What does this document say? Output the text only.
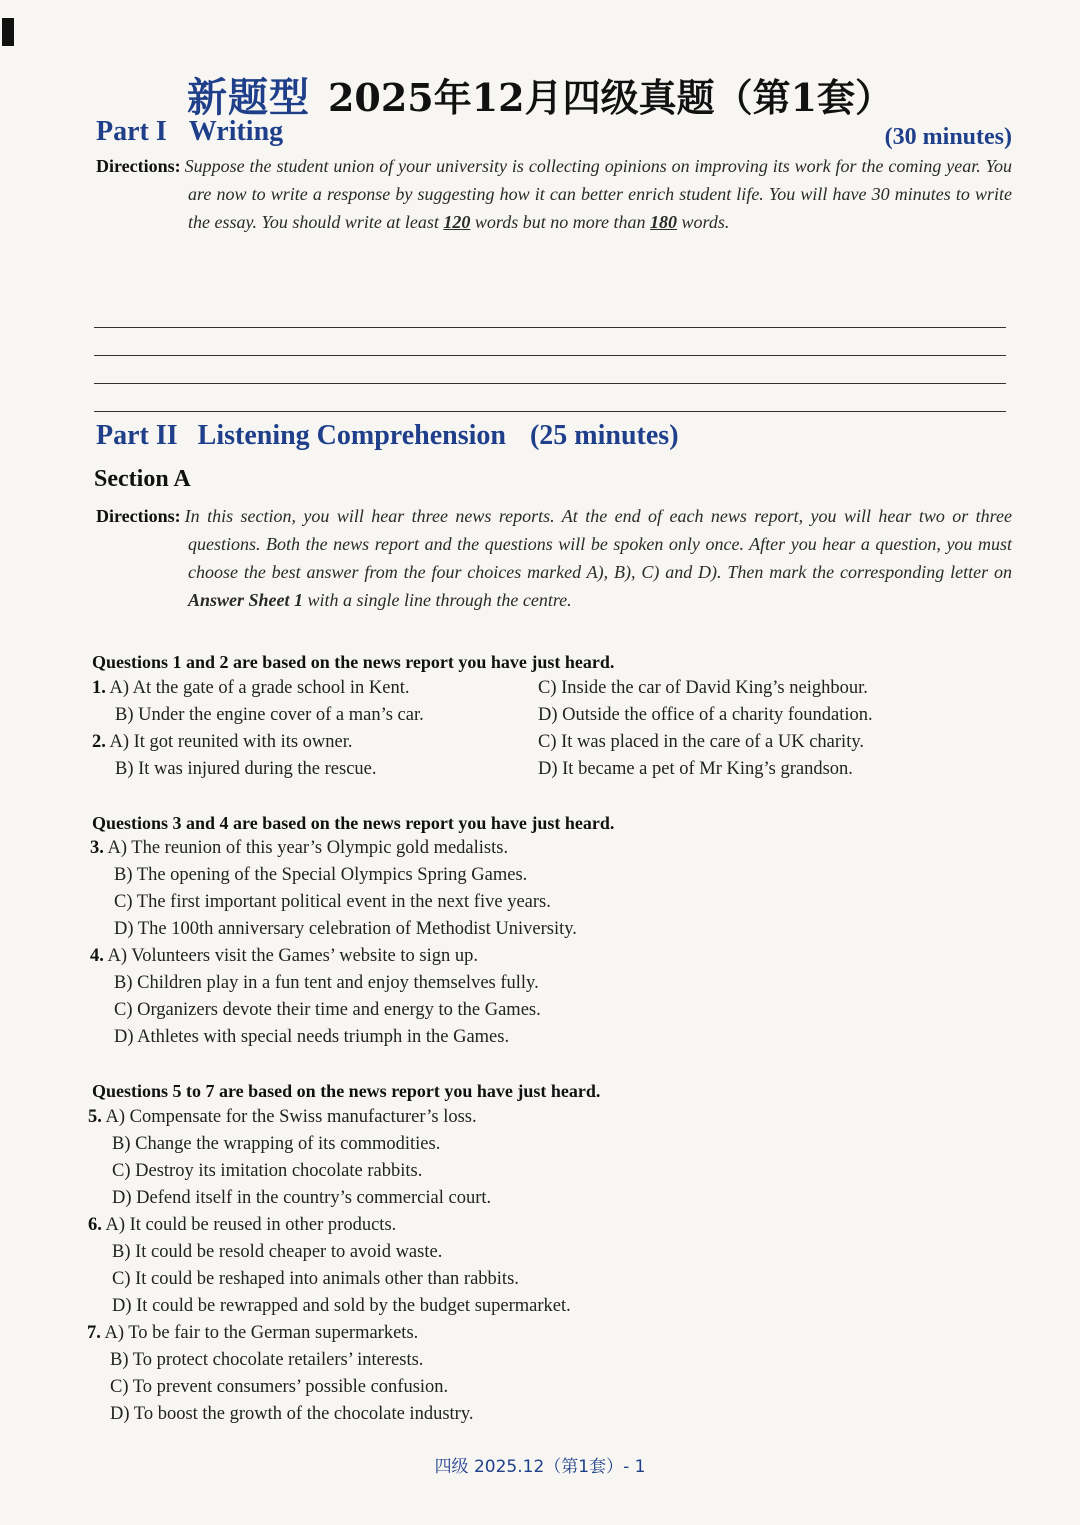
新题型 2025年12月四级真题（第1套）
Part I Writing	(30 minutes)
Directions: Suppose the student union of your university is collecting opinions on improving its work for the coming year. You are now to write a response by suggesting how it can better enrich student life. You will have 30 minutes to write the essay. You should write at least 120 words but no more than 180 words.
Part II Listening Comprehension (25 minutes)
Section A
Directions: In this section, you will hear three news reports. At the end of each news report, you will hear two or three questions. Both the news report and the questions will be spoken only once. After you hear a question, you must choose the best answer from the four choices marked A), B), C) and D). Then mark the corresponding letter on Answer Sheet 1 with a single line through the centre.
Questions 1 and 2 are based on the news report you have just heard.
1. A) At the gate of a grade school in Kent.
B) Under the engine cover of a man’s car.
C) Inside the car of David King’s neighbour.
D) Outside the office of a charity foundation.
2. A) It got reunited with its owner.
B) It was injured during the rescue.
C) It was placed in the care of a UK charity.
D) It became a pet of Mr King’s grandson.
Questions 3 and 4 are based on the news report you have just heard.
3. A) The reunion of this year’s Olympic gold medalists.
B) The opening of the Special Olympics Spring Games.
C) The first important political event in the next five years.
D) The 100th anniversary celebration of Methodist University.
4. A) Volunteers visit the Games’ website to sign up.
B) Children play in a fun tent and enjoy themselves fully.
C) Organizers devote their time and energy to the Games.
D) Athletes with special needs triumph in the Games.
Questions 5 to 7 are based on the news report you have just heard.
5. A) Compensate for the Swiss manufacturer’s loss.
B) Change the wrapping of its commodities.
C) Destroy its imitation chocolate rabbits.
D) Defend itself in the country’s commercial court.
6. A) It could be reused in other products.
B) It could be resold cheaper to avoid waste.
C) It could be reshaped into animals other than rabbits.
D) It could be rewrapped and sold by the budget supermarket.
7. A) To be fair to the German supermarkets.
B) To protect chocolate retailers’ interests.
C) To prevent consumers’ possible confusion.
D) To boost the growth of the chocolate industry.
四级 2025.12（第1套）- 1
